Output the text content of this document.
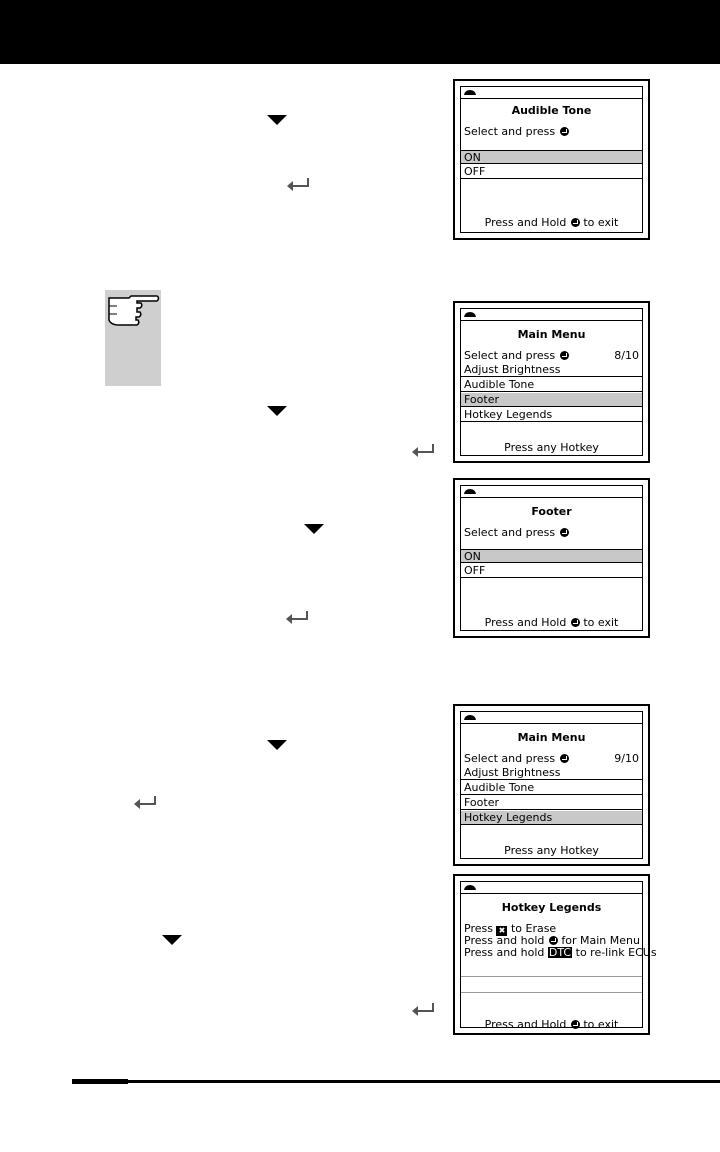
Audible Tone
Select and press
ON
OFF
Press and Hold to exit
Main Menu
Select and press	8/10
Adjust Brightness
Audible Tone
Footer
Hotkey Legends
Press any Hotkey
Footer
Select and press
ON
OFF
Press and Hold to exit
Main Menu
Select and press	9/10
Adjust Brightness
Audible Tone
Footer
Hotkey Legends
Press any Hotkey
Hotkey Legends
Press ✖ to Erase
Press and hold for Main Menu
Press and hold DTC to re-link ECUs
Press and Hold to exit
